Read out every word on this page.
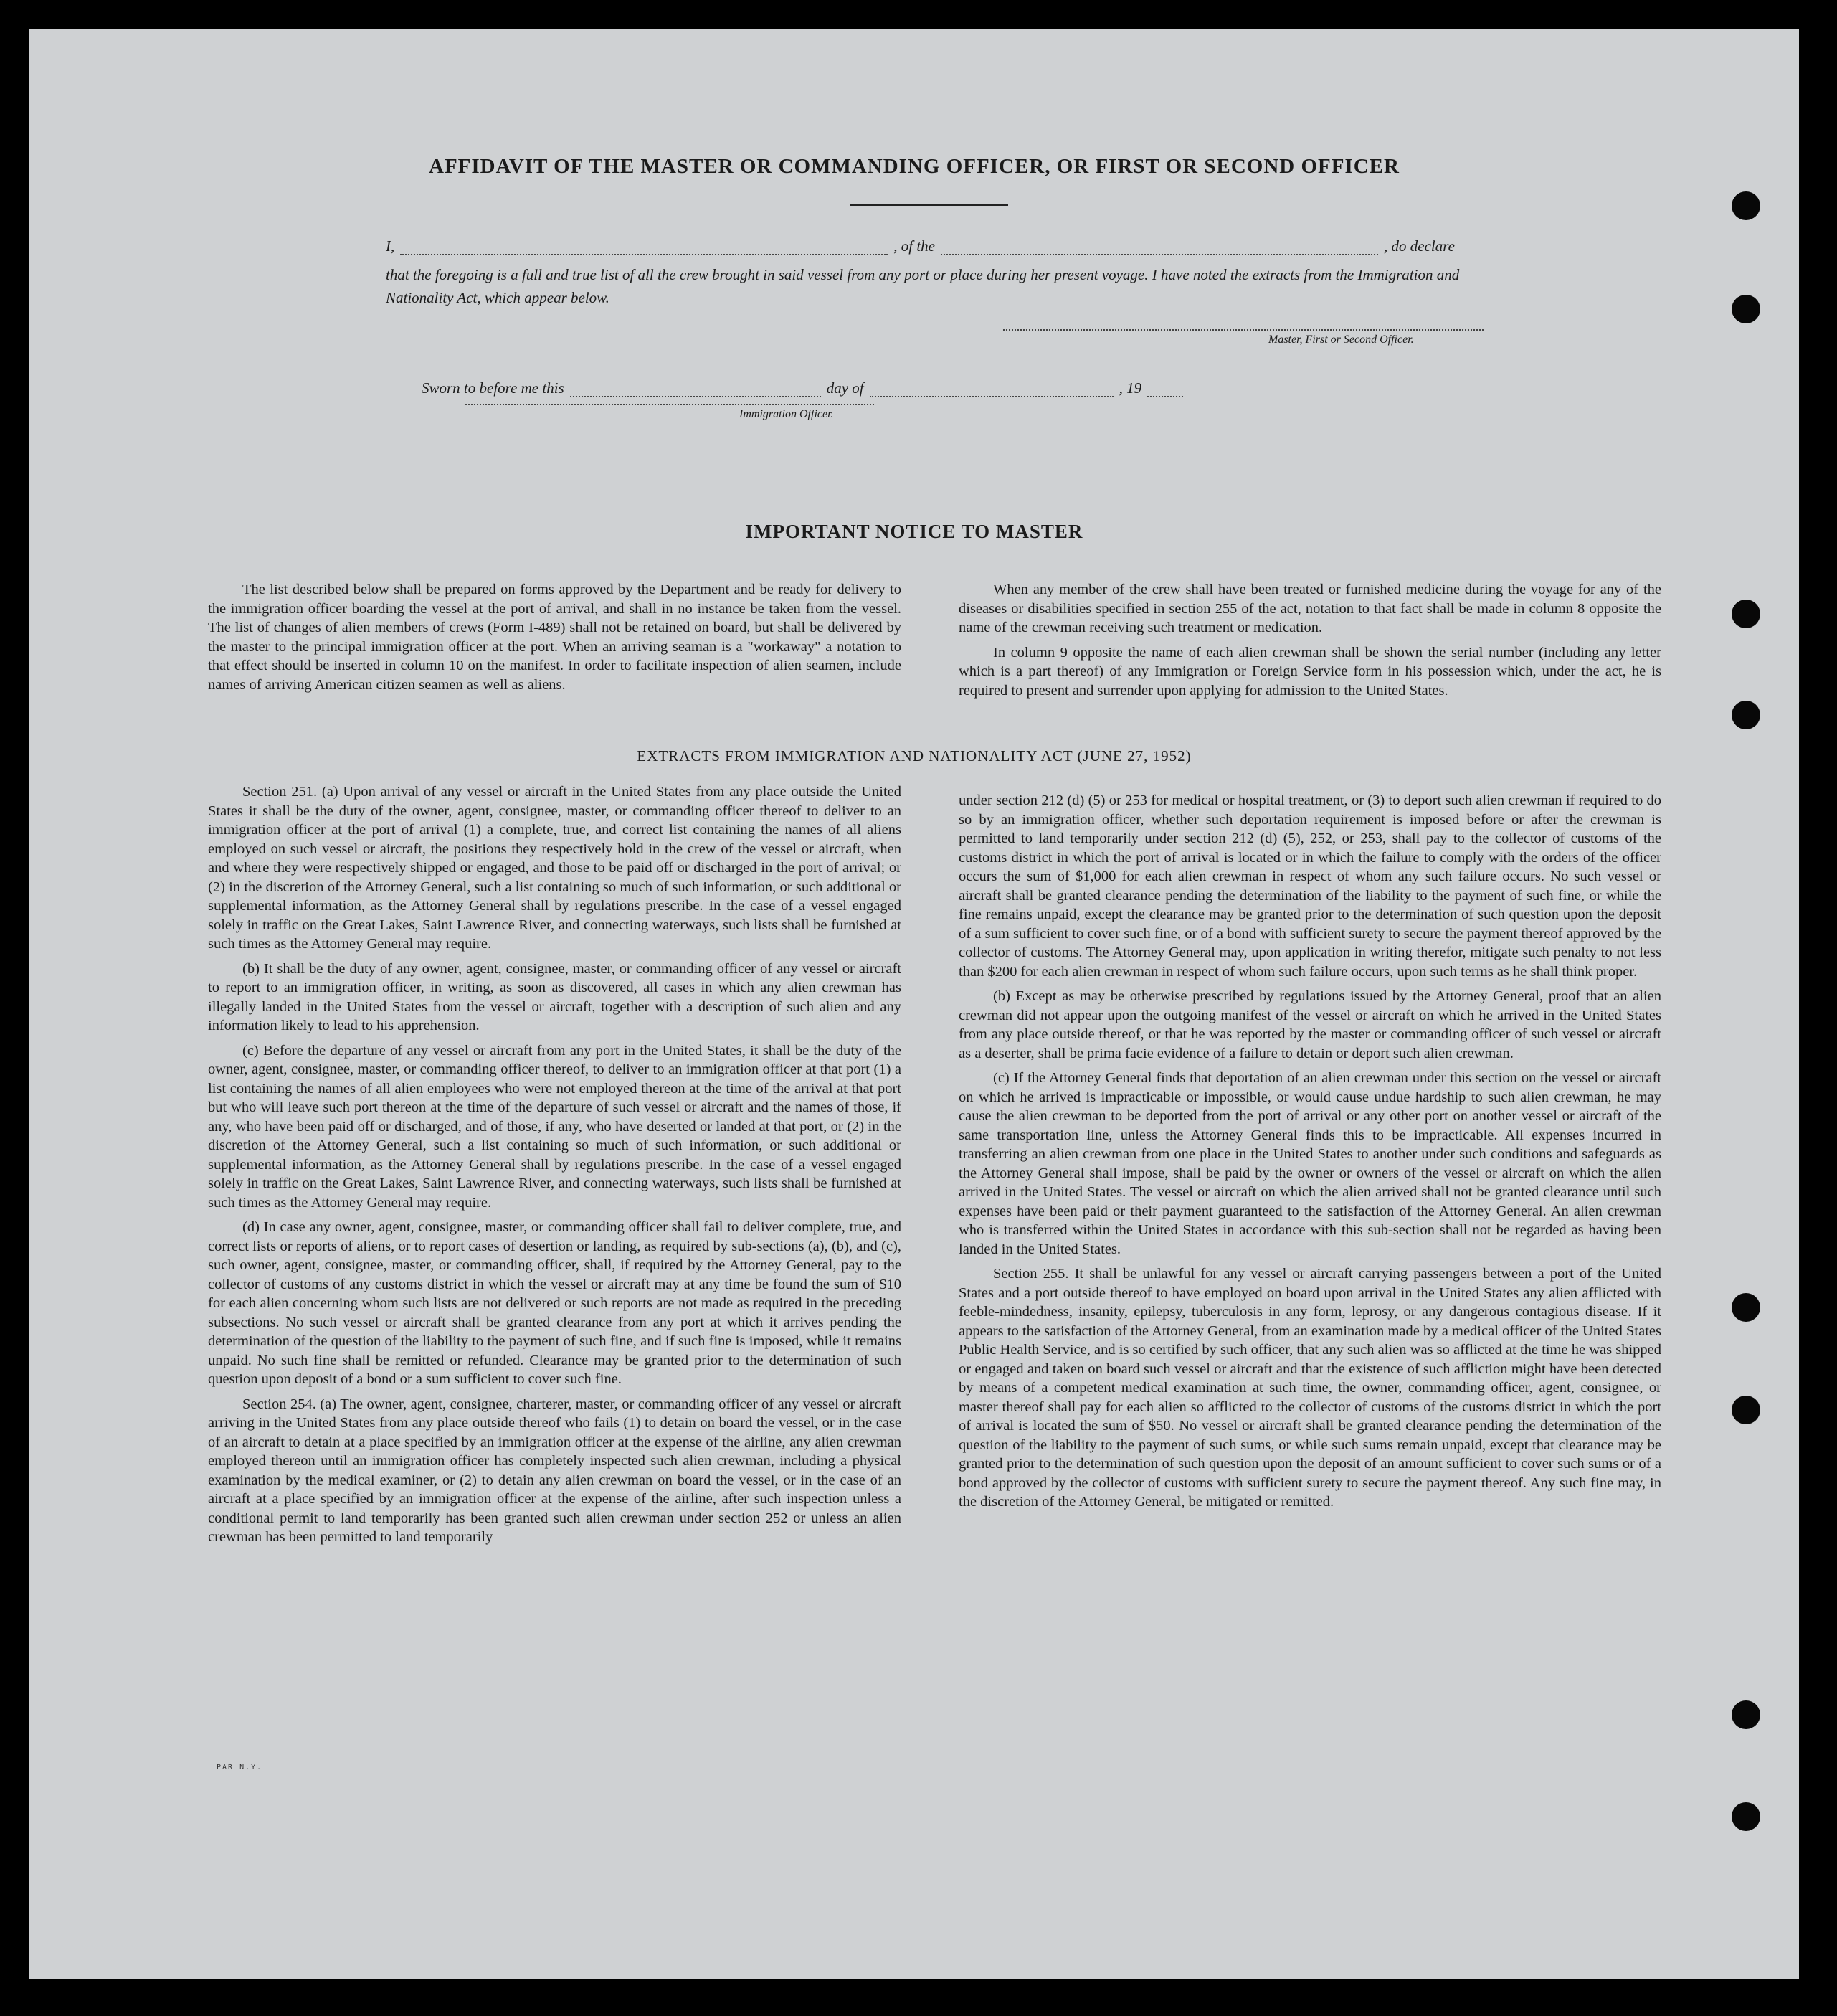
AFFIDAVIT OF THE MASTER OR COMMANDING OFFICER, OR FIRST OR SECOND OFFICER
I,	, of the	, do declare

that the foregoing is a full and true list of all the crew brought in said vessel from any port or place during her present voyage. I have noted the extracts from the Immigration and Nationality Act, which appear below.

Master, First or Second Officer.
Sworn to before me this	day of	, 19
Immigration Officer.
IMPORTANT NOTICE TO MASTER

The list described below shall be prepared on forms approved by the Department and be ready for delivery to the immigration officer boarding the vessel at the port of arrival, and shall in no instance be taken from the vessel. The list of changes of alien members of crews (Form I-489) shall not be retained on board, but shall be delivered by the master to the principal immigration officer at the port. When an arriving seaman is a "workaway" a notation to that effect should be inserted in column 10 on the manifest. In order to facilitate inspection of alien seamen, include names of arriving American citizen seamen as well as aliens.

When any member of the crew shall have been treated or furnished medicine during the voyage for any of the diseases or disabilities specified in section 255 of the act, notation to that fact shall be made in column 8 opposite the name of the crewman receiving such treatment or medication.

In column 9 opposite the name of each alien crewman shall be shown the serial number (including any letter which is a part thereof) of any Immigration or Foreign Service form in his possession which, under the act, he is required to present and surrender upon applying for admission to the United States.

EXTRACTS FROM IMMIGRATION AND NATIONALITY ACT (JUNE 27, 1952)

Section 251. (a) Upon arrival of any vessel or aircraft in the United States from any place outside the United States it shall be the duty of the owner, agent, consignee, master, or commanding officer thereof to deliver to an immigration officer at the port of arrival (1) a complete, true, and correct list containing the names of all aliens employed on such vessel or aircraft, the positions they respectively hold in the crew of the vessel or aircraft, when and where they were respectively shipped or engaged, and those to be paid off or discharged in the port of arrival; or (2) in the discretion of the Attorney General, such a list containing so much of such information, or such additional or supplemental information, as the Attorney General shall by regulations prescribe. In the case of a vessel engaged solely in traffic on the Great Lakes, Saint Lawrence River, and connecting waterways, such lists shall be furnished at such times as the Attorney General may require.

(b) It shall be the duty of any owner, agent, consignee, master, or commanding officer of any vessel or aircraft to report to an immigration officer, in writing, as soon as discovered, all cases in which any alien crewman has illegally landed in the United States from the vessel or aircraft, together with a description of such alien and any information likely to lead to his apprehension.

(c) Before the departure of any vessel or aircraft from any port in the United States, it shall be the duty of the owner, agent, consignee, master, or commanding officer thereof, to deliver to an immigration officer at that port (1) a list containing the names of all alien employees who were not employed thereon at the time of the arrival at that port but who will leave such port thereon at the time of the departure of such vessel or aircraft and the names of those, if any, who have been paid off or discharged, and of those, if any, who have deserted or landed at that port, or (2) in the discretion of the Attorney General, such a list containing so much of such information, or such additional or supplemental information, as the Attorney General shall by regulations prescribe. In the case of a vessel engaged solely in traffic on the Great Lakes, Saint Lawrence River, and connecting waterways, such lists shall be furnished at such times as the Attorney General may require.

(d) In case any owner, agent, consignee, master, or commanding officer shall fail to deliver complete, true, and correct lists or reports of aliens, or to report cases of desertion or landing, as required by sub-sections (a), (b), and (c), such owner, agent, consignee, master, or commanding officer, shall, if required by the Attorney General, pay to the collector of customs of any customs district in which the vessel or aircraft may at any time be found the sum of $10 for each alien concerning whom such lists are not delivered or such reports are not made as required in the preceding subsections. No such vessel or aircraft shall be granted clearance from any port at which it arrives pending the determination of the question of the liability to the payment of such fine, and if such fine is imposed, while it remains unpaid. No such fine shall be remitted or refunded. Clearance may be granted prior to the determination of such question upon deposit of a bond or a sum sufficient to cover such fine.

Section 254. (a) The owner, agent, consignee, charterer, master, or commanding officer of any vessel or aircraft arriving in the United States from any place outside thereof who fails (1) to detain on board the vessel, or in the case of an aircraft to detain at a place specified by an immigration officer at the expense of the airline, any alien crewman employed thereon until an immigration officer has completely inspected such alien crewman, including a physical examination by the medical examiner, or (2) to detain any alien crewman on board the vessel, or in the case of an aircraft at a place specified by an immigration officer at the expense of the airline, after such inspection unless a conditional permit to land temporarily has been granted such alien crewman under section 252 or unless an alien crewman has been permitted to land temporarily

under section 212 (d) (5) or 253 for medical or hospital treatment, or (3) to deport such alien crewman if required to do so by an immigration officer, whether such deportation requirement is imposed before or after the crewman is permitted to land temporarily under section 212 (d) (5), 252, or 253, shall pay to the collector of customs of the customs district in which the port of arrival is located or in which the failure to comply with the orders of the officer occurs the sum of $1,000 for each alien crewman in respect of whom any such failure occurs. No such vessel or aircraft shall be granted clearance pending the determination of the liability to the payment of such fine, or while the fine remains unpaid, except the clearance may be granted prior to the determination of such question upon the deposit of a sum sufficient to cover such fine, or of a bond with sufficient surety to secure the payment thereof approved by the collector of customs. The Attorney General may, upon application in writing therefor, mitigate such penalty to not less than $200 for each alien crewman in respect of whom such failure occurs, upon such terms as he shall think proper.

(b) Except as may be otherwise prescribed by regulations issued by the Attorney General, proof that an alien crewman did not appear upon the outgoing manifest of the vessel or aircraft on which he arrived in the United States from any place outside thereof, or that he was reported by the master or commanding officer of such vessel or aircraft as a deserter, shall be prima facie evidence of a failure to detain or deport such alien crewman.

(c) If the Attorney General finds that deportation of an alien crewman under this section on the vessel or aircraft on which he arrived is impracticable or impossible, or would cause undue hardship to such alien crewman, he may cause the alien crewman to be deported from the port of arrival or any other port on another vessel or aircraft of the same transportation line, unless the Attorney General finds this to be impracticable. All expenses incurred in transferring an alien crewman from one place in the United States to another under such conditions and safeguards as the Attorney General shall impose, shall be paid by the owner or owners of the vessel or aircraft on which the alien arrived in the United States. The vessel or aircraft on which the alien arrived shall not be granted clearance until such expenses have been paid or their payment guaranteed to the satisfaction of the Attorney General. An alien crewman who is transferred within the United States in accordance with this sub-section shall not be regarded as having been landed in the United States.

Section 255. It shall be unlawful for any vessel or aircraft carrying passengers between a port of the United States and a port outside thereof to have employed on board upon arrival in the United States any alien afflicted with feeble-mindedness, insanity, epilepsy, tuberculosis in any form, leprosy, or any dangerous contagious disease. If it appears to the satisfaction of the Attorney General, from an examination made by a medical officer of the United States Public Health Service, and is so certified by such officer, that any such alien was so afflicted at the time he was shipped or engaged and taken on board such vessel or aircraft and that the existence of such affliction might have been detected by means of a competent medical examination at such time, the owner, commanding officer, agent, consignee, or master thereof shall pay for each alien so afflicted to the collector of customs of the customs district in which the port of arrival is located the sum of $50. No vessel or aircraft shall be granted clearance pending the determination of the question of the liability to the payment of such sums, or while such sums remain unpaid, except that clearance may be granted prior to the determination of such question upon the deposit of an amount sufficient to cover such sums or of a bond approved by the collector of customs with sufficient surety to secure the payment thereof. Any such fine may, in the discretion of the Attorney General, be mitigated or remitted.

PAR N.Y.
